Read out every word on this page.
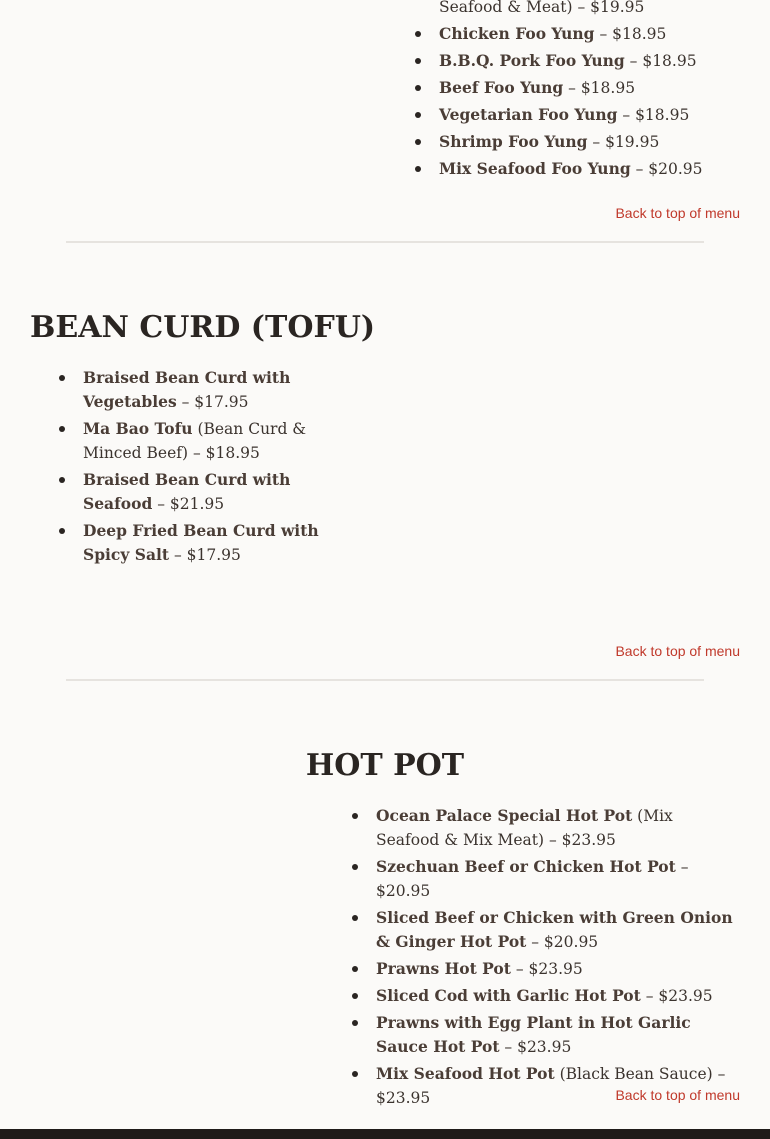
Seafood & Meat) – $19.95
Chicken Foo Yung – $18.95
B.B.Q. Pork Foo Yung – $18.95
Beef Foo Yung – $18.95
Vegetarian Foo Yung – $18.95
Shrimp Foo Yung – $19.95
Mix Seafood Foo Yung – $20.95
Back to top of menu
BEAN CURD (TOFU)
Braised Bean Curd with Vegetables – $17.95
Ma Bao Tofu (Bean Curd & Minced Beef) – $18.95
Braised Bean Curd with Seafood – $21.95
Deep Fried Bean Curd with Spicy Salt – $17.95
Back to top of menu
HOT POT
Ocean Palace Special Hot Pot (Mix Seafood & Mix Meat) – $23.95
Szechuan Beef or Chicken Hot Pot – $20.95
Sliced Beef or Chicken with Green Onion & Ginger Hot Pot – $20.95
Prawns Hot Pot – $23.95
Sliced Cod with Garlic Hot Pot – $23.95
Prawns with Egg Plant in Hot Garlic Sauce Hot Pot – $23.95
Mix Seafood Hot Pot (Black Bean Sauce) – $23.95	Back to top of menu
